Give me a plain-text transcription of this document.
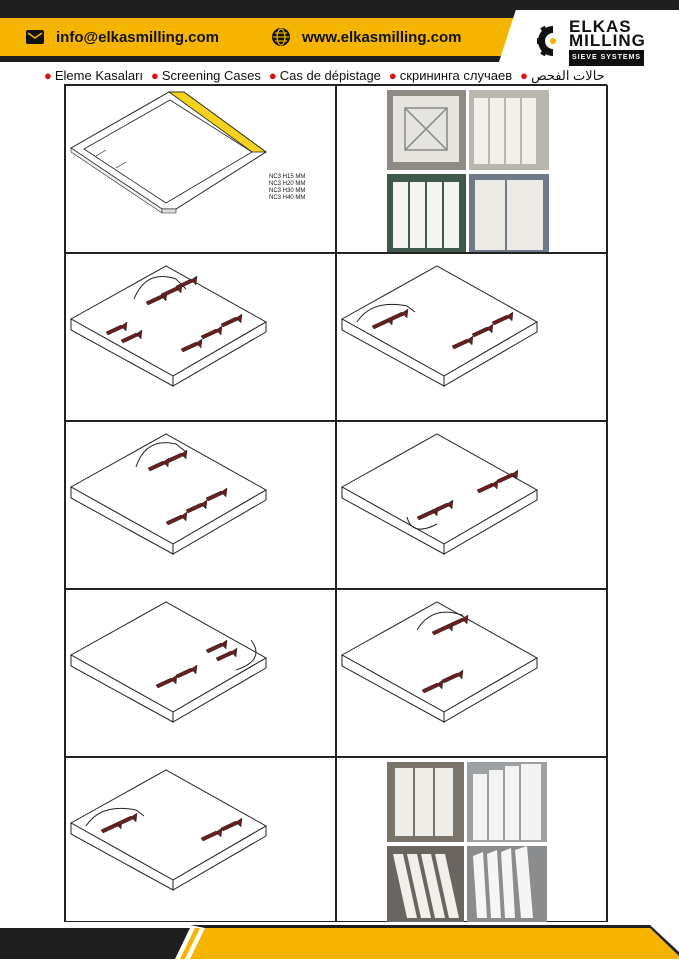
info@elkasmilling.com	www.elkasmilling.com
ELKAS
MILLING
SIEVE SYSTEMS
● Eleme Kasaları ● Screening Cases ● Cas de dépistage ● скрининга случаев ● حالات الفحص
NC3 H15 MM
NC3 H20 MM
NC3 H30 MM
NC3 H40 MM
